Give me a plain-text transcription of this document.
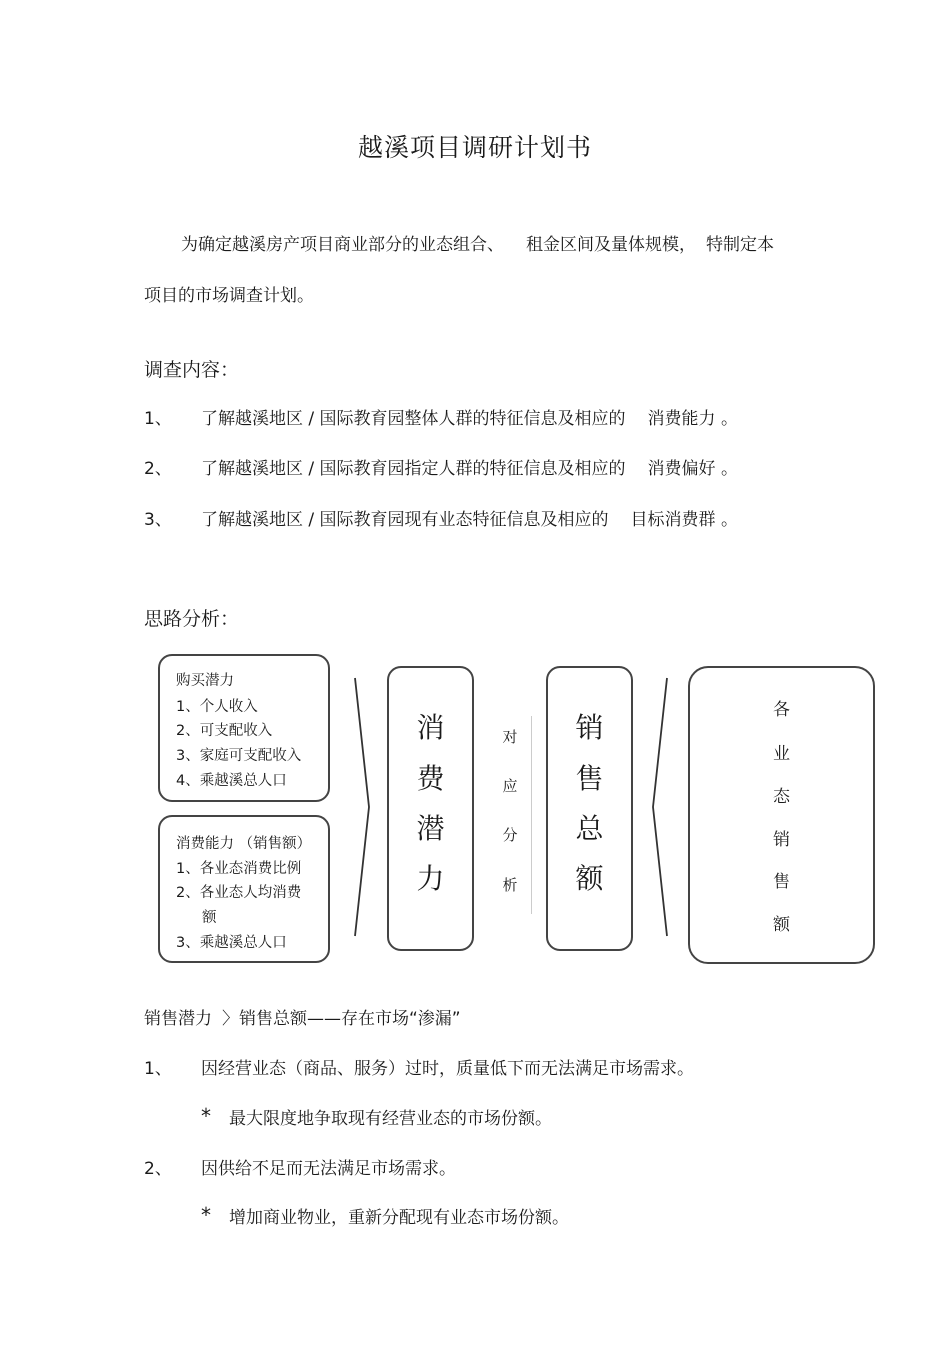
越溪项目调研计划书
为确定越溪房产项目商业部分的业态组合、 租金区间及量体规模， 特制定本
项目的市场调查计划。
调查内容：
1、 了解越溪地区 / 国际教育园整体人群的特征信息及相应的 消费能力 。
2、 了解越溪地区 / 国际教育园指定人群的特征信息及相应的 消费偏好 。
3、 了解越溪地区 / 国际教育园现有业态特征信息及相应的 目标消费群 。
思路分析：
购买潜力
1、个人收入
2、可支配收入
3、家庭可支配收入
4、乘越溪总人口
消费能力 （销售额）
1、各业态消费比例
2、各业态人均消费
额
3、乘越溪总人口
消
费
潜
力
对
应
分
析
销
售
总
额
各
业
态
销
售
额
销售潜力 〉销售总额——存在市场“渗漏”
1、 因经营业态（商品、服务）过时，质量低下而无法满足市场需求。
* 最大限度地争取现有经营业态的市场份额。
2、 因供给不足而无法满足市场需求。
* 增加商业物业，重新分配现有业态市场份额。
